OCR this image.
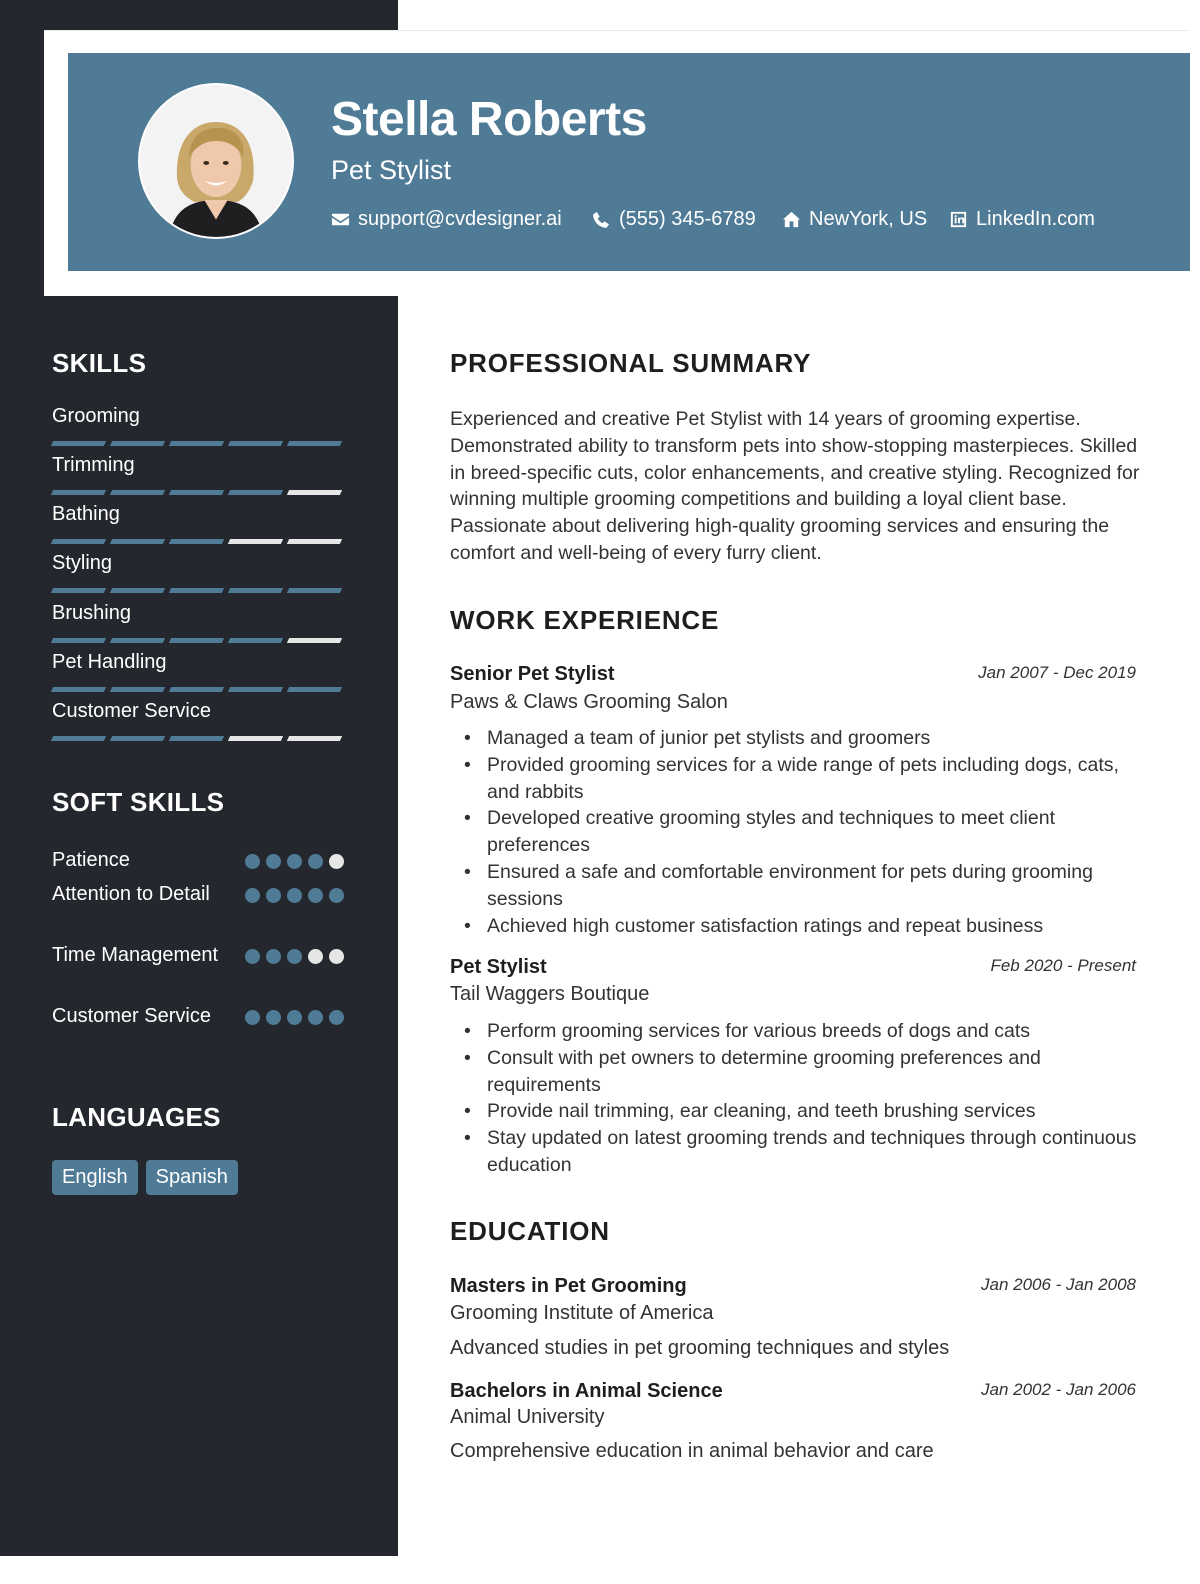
Stella Roberts
Pet Stylist
support@cvdesigner.ai	(555) 345-6789	NewYork, US LinkedIn.com
SKILLS
Grooming
Trimming
Bathing
Styling
Brushing
Pet Handling
Customer Service
SOFT SKILLS
Patience
Attention to Detail
Time Management
Customer Service
LANGUAGES
English	Spanish
PROFESSIONAL SUMMARY
Experienced and creative Pet Stylist with 14 years of grooming expertise. Demonstrated ability to transform pets into show-stopping masterpieces. Skilled in breed-specific cuts, color enhancements, and creative styling. Recognized for winning multiple grooming competitions and building a loyal client base. Passionate about delivering high-quality grooming services and ensuring the comfort and well-being of every furry client.
WORK EXPERIENCE
Senior Pet Stylist	Jan 2007 - Dec 2019
Paws & Claws Grooming Salon
• Managed a team of junior pet stylists and groomers
• Provided grooming services for a wide range of pets including dogs, cats, and rabbits
• Developed creative grooming styles and techniques to meet client preferences
• Ensured a safe and comfortable environment for pets during grooming sessions
• Achieved high customer satisfaction ratings and repeat business
Pet Stylist	Feb 2020 - Present
Tail Waggers Boutique
• Perform grooming services for various breeds of dogs and cats
• Consult with pet owners to determine grooming preferences and requirements
• Provide nail trimming, ear cleaning, and teeth brushing services
• Stay updated on latest grooming trends and techniques through continuous education
EDUCATION
Masters in Pet Grooming	Jan 2006 - Jan 2008
Grooming Institute of America
Advanced studies in pet grooming techniques and styles
Bachelors in Animal Science	Jan 2002 - Jan 2006
Animal University
Comprehensive education in animal behavior and care
